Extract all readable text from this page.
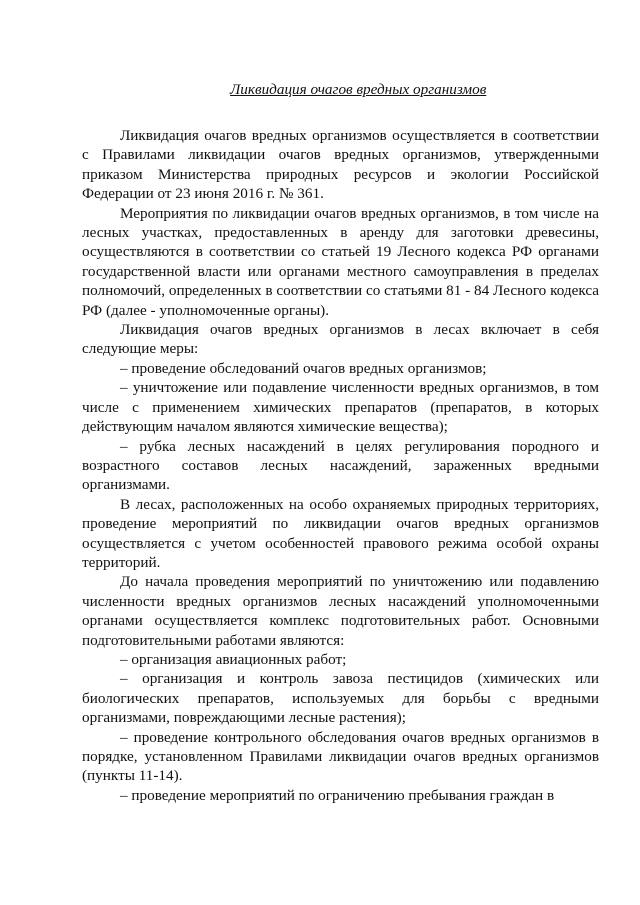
Ликвидация очагов вредных организмов

Ликвидация очагов вредных организмов осуществляется в соответствии с Правилами ликвидации очагов вредных организмов, утвержденными приказом Министерства природных ресурсов и экологии Российской Федерации от 23 июня 2016 г. № 361.

Мероприятия по ликвидации очагов вредных организмов, в том числе на лесных участках, предоставленных в аренду для заготовки древесины, осуществляются в соответствии со статьей 19 Лесного кодекса РФ органами государственной власти или органами местного самоуправления в пределах полномочий, определенных в соответствии со статьями 81 - 84 Лесного кодекса РФ (далее - уполномоченные органы).

Ликвидация очагов вредных организмов в лесах включает в себя следующие меры:

– проведение обследований очагов вредных организмов;

– уничтожение или подавление численности вредных организмов, в том числе с применением химических препаратов (препаратов, в которых действующим началом являются химические вещества);

– рубка лесных насаждений в целях регулирования породного и возрастного составов лесных насаждений, зараженных вредными организмами.

В лесах, расположенных на особо охраняемых природных территориях, проведение мероприятий по ликвидации очагов вредных организмов осуществляется с учетом особенностей правового режима особой охраны территорий.

До начала проведения мероприятий по уничтожению или подавлению численности вредных организмов лесных насаждений уполномоченными органами осуществляется комплекс подготовительных работ. Основными подготовительными работами являются:

– организация авиационных работ;

– организация и контроль завоза пестицидов (химических или биологических препаратов, используемых для борьбы с вредными организмами, повреждающими лесные растения);

– проведение контрольного обследования очагов вредных организмов в порядке, установленном Правилами ликвидации очагов вредных организмов (пункты 11-14).

– проведение мероприятий по ограничению пребывания граждан в
